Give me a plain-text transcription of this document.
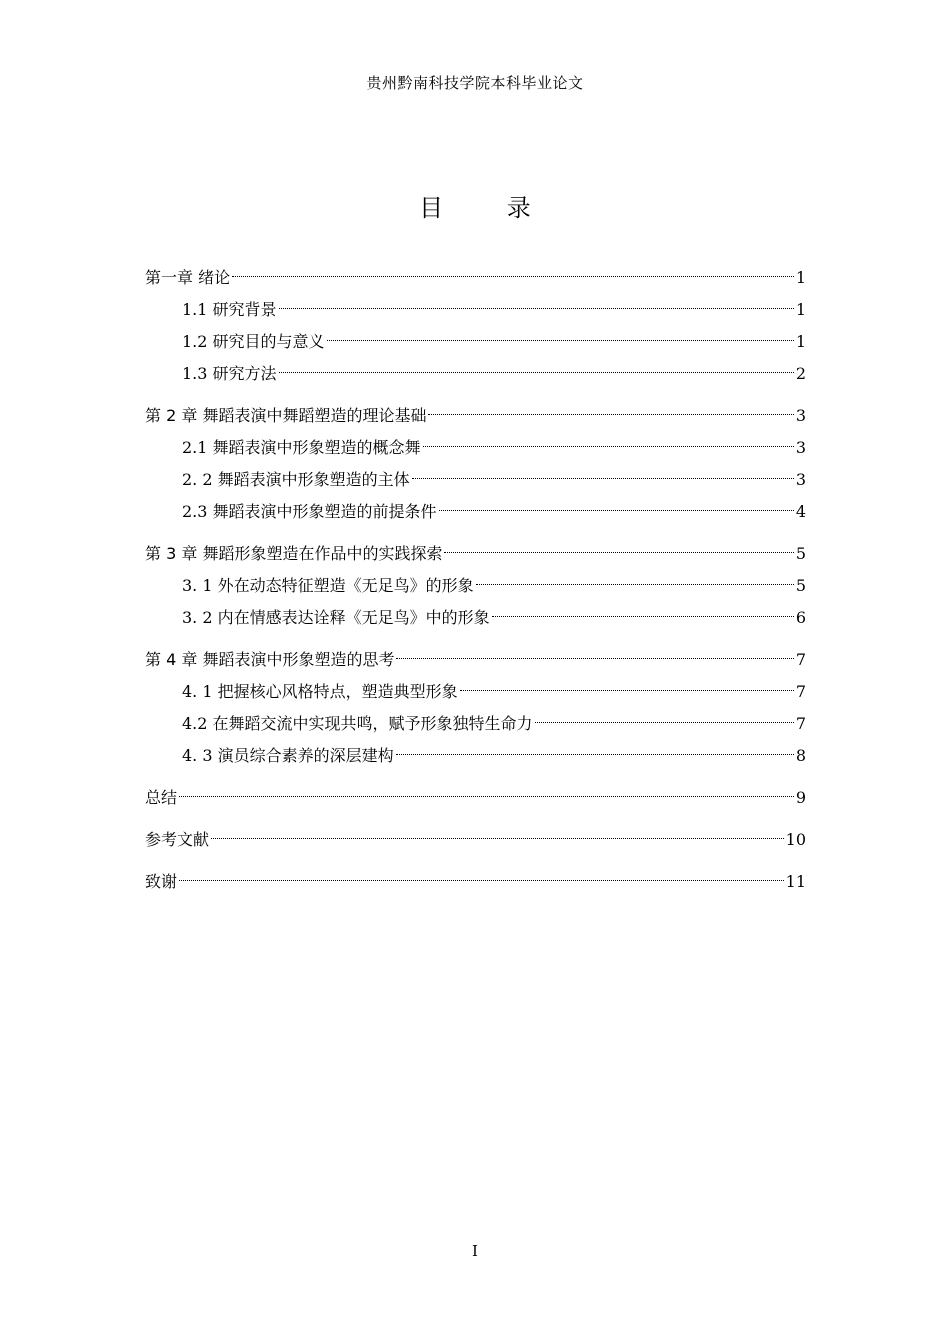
贵州黔南科技学院本科毕业论文
目 录
第一章 绪论	1
1.1 研究背景	1
1.2 研究目的与意义	1
1.3 研究方法	2
第 2 章 舞蹈表演中舞蹈塑造的理论基础	3
2.1 舞蹈表演中形象塑造的概念舞	3
2. 2 舞蹈表演中形象塑造的主体	3
2.3 舞蹈表演中形象塑造的前提条件	4
第 3 章 舞蹈形象塑造在作品中的实践探索	5
3. 1 外在动态特征塑造《无足鸟》的形象	5
3. 2 内在情感表达诠释《无足鸟》中的形象	6
第 4 章 舞蹈表演中形象塑造的思考	7
4. 1 把握核心风格特点，塑造典型形象	7
4.2 在舞蹈交流中实现共鸣，赋予形象独特生命力	7
4. 3 演员综合素养的深层建构	8
总结	9
参考文献	10
致谢	11
I
